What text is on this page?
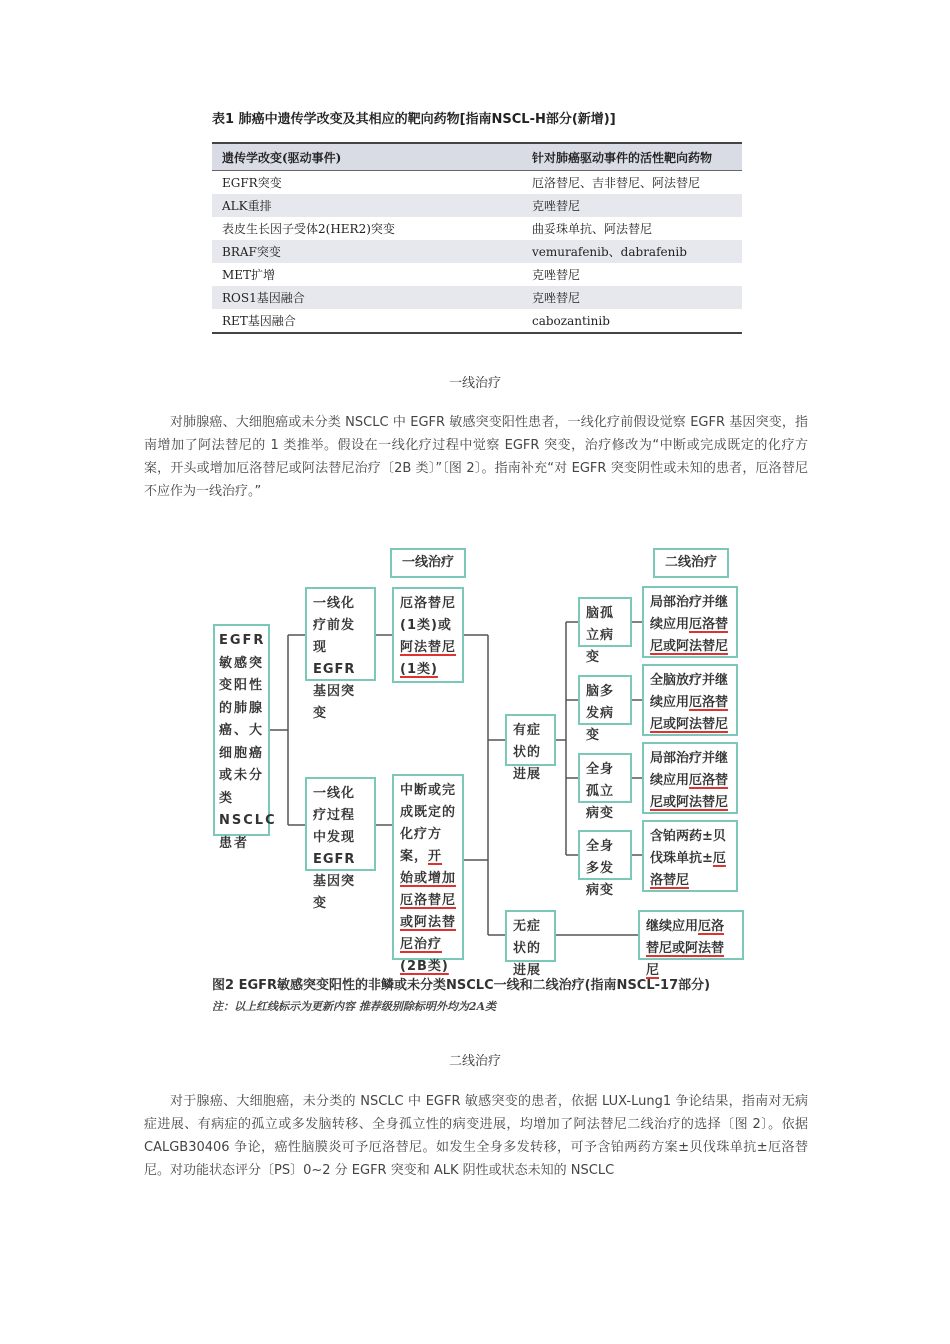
表1 肺癌中遗传学改变及其相应的靶向药物[指南NSCL-H部分(新增)]
遗传学改变(驱动事件)	针对肺癌驱动事件的活性靶向药物
EGFR突变	厄洛替尼、吉非替尼、阿法替尼
ALK重排	克唑替尼
表皮生长因子受体2(HER2)突变	曲妥珠单抗、阿法替尼
BRAF突变	vemurafenib、dabrafenib
MET扩增	克唑替尼
ROS1基因融合	克唑替尼
RET基因融合	cabozantinib
一线治疗

对肺腺癌、大细胞癌或未分类 NSCLC 中 EGFR 敏感突变阳性患者，一线化疗前假设觉察 EGFR 基因突变，指南增加了阿法替尼的 1 类推举。假设在一线化疗过程中觉察 EGFR 突变，治疗修改为“中断或完成既定的化疗方案，开头或增加厄洛替尼或阿法替尼治疗〔2B 类〕”〔图 2〕。指南补充“对 EGFR 突变阴性或未知的患者，厄洛替尼不应作为一线治疗。”

一线治疗	二线治疗
EGFR敏感突变阳性的肺腺癌、大细胞癌或未分类NSCLC患者
一线化疗前发现EGFR基因突变
一线化疗过程中发现EGFR基因突变
厄洛替尼(1类)或阿法替尼(1类)
中断或完成既定的化疗方案，开始或增加厄洛替尼或阿法替尼治疗(2B类)
有症状的进展
无症状的进展
脑孤立病变
脑多发病变
全身孤立病变
全身多发病变
局部治疗并继续应用厄洛替尼或阿法替尼
全脑放疗并继续应用厄洛替尼或阿法替尼
局部治疗并继续应用厄洛替尼或阿法替尼
含铂两药±贝伐珠单抗±厄洛替尼
继续应用厄洛替尼或阿法替尼
图2 EGFR敏感突变阳性的非鳞或未分类NSCLC一线和二线治疗(指南NSCL-17部分)
注：以上红线标示为更新内容 推荐级别除标明外均为2A类
二线治疗

对于腺癌、大细胞癌，未分类的 NSCLC 中 EGFR 敏感突变的患者，依据 LUX-Lung1 争论结果，指南对无病症进展、有病症的孤立或多发脑转移、全身孤立性的病变进展，均增加了阿法替尼二线治疗的选择〔图 2〕。依据 CALGB30406 争论，癌性脑膜炎可予厄洛替尼。如发生全身多发转移，可予含铂两药方案±贝伐珠单抗±厄洛替尼。对功能状态评分〔PS〕0~2 分 EGFR 突变和 ALK 阴性或状态未知的 NSCLC
